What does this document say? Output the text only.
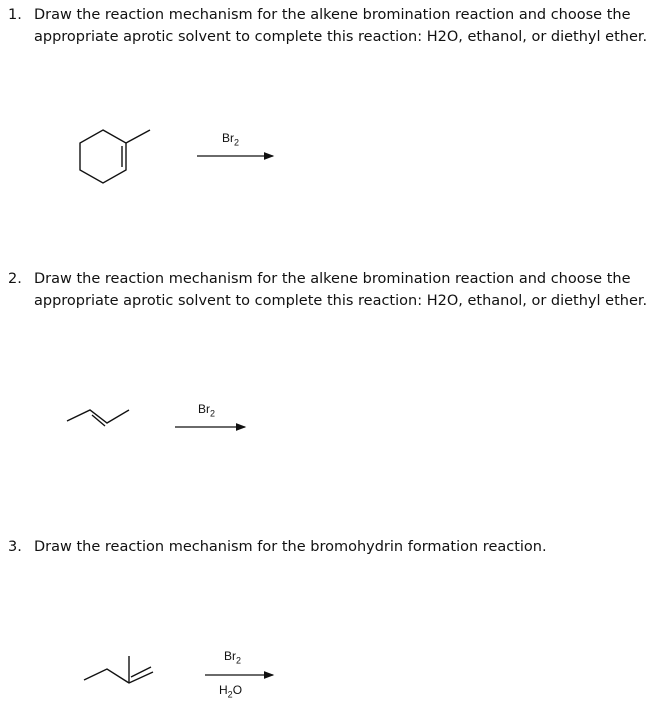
1. Draw the reaction mechanism for the alkene bromination reaction and choose the appropriate aprotic solvent to complete this reaction: H2O, ethanol, or diethyl ether.
2. Draw the reaction mechanism for the alkene bromination reaction and choose the appropriate aprotic solvent to complete this reaction: H2O, ethanol, or diethyl ether.
3. Draw the reaction mechanism for the bromohydrin formation reaction.
$Br_2$
$Br_2$
$Br_2$
$H_2O$
